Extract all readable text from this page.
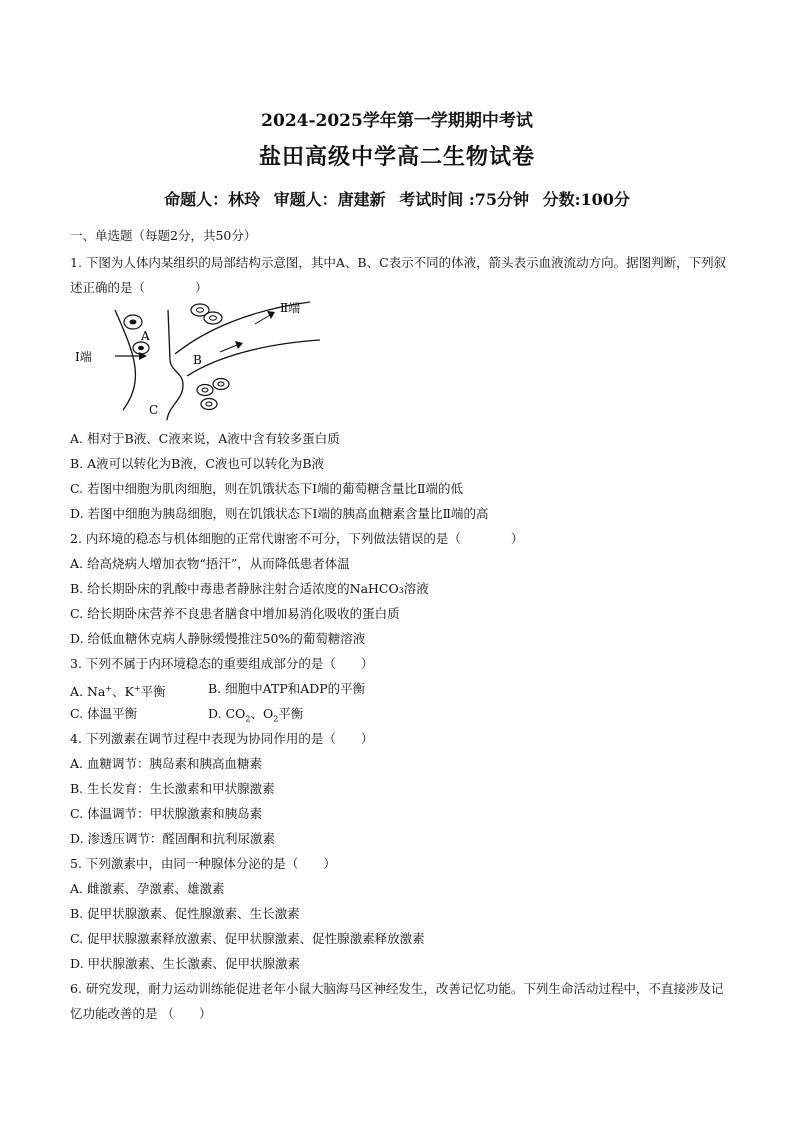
2024-2025学年第一学期期中考试
盐田高级中学高二生物试卷
命题人：林玲 审题人：唐建新 考试时间 :75分钟 分数:100分
一、单选题（每题2分，共50分）
1. 下图为人体内某组织的局部结构示意图，其中A、B、C表示不同的体液，箭头表示血液流动方向。据图判断，下列叙述正确的是（　　　　）
A
B
C
Ⅰ端
Ⅱ端
A. 相对于B液、C液来说，A液中含有较多蛋白质
B. A液可以转化为B液，C液也可以转化为B液
C. 若图中细胞为肌肉细胞，则在饥饿状态下Ⅰ端的葡萄糖含量比Ⅱ端的低
D. 若图中细胞为胰岛细胞，则在饥饿状态下Ⅰ端的胰高血糖素含量比Ⅱ端的高
2. 内环境的稳态与机体细胞的正常代谢密不可分，下列做法错误的是（　　　　）
A. 给高烧病人增加衣物“捂汗”，从而降低患者体温
B. 给长期卧床的乳酸中毒患者静脉注射合适浓度的NaHCO₃溶液
C. 给长期卧床营养不良患者膳食中增加易消化吸收的蛋白质
D. 给低血糖休克病人静脉缓慢推注50%的葡萄糖溶液
3. 下列不属于内环境稳态的重要组成部分的是（　　）
A. Na+、K+平衡	B. 细胞中ATP和ADP的平衡
C. 体温平衡	D. $CO_2$、$O_2$平衡
4. 下列激素在调节过程中表现为协同作用的是（　　）
A. 血糖调节：胰岛素和胰高血糖素
B. 生长发育：生长激素和甲状腺激素
C. 体温调节：甲状腺激素和胰岛素
D. 渗透压调节：醛固酮和抗利尿激素
5. 下列激素中，由同一种腺体分泌的是（　　）
A. 雌激素、孕激素、雄激素
B. 促甲状腺激素、促性腺激素、生长激素
C. 促甲状腺激素释放激素、促甲状腺激素、促性腺激素释放激素
D. 甲状腺激素、生长激素、促甲状腺激素
6. 研究发现，耐力运动训练能促进老年小鼠大脑海马区神经发生，改善记忆功能。下列生命活动过程中，不直接涉及记忆功能改善的是 （　　）
